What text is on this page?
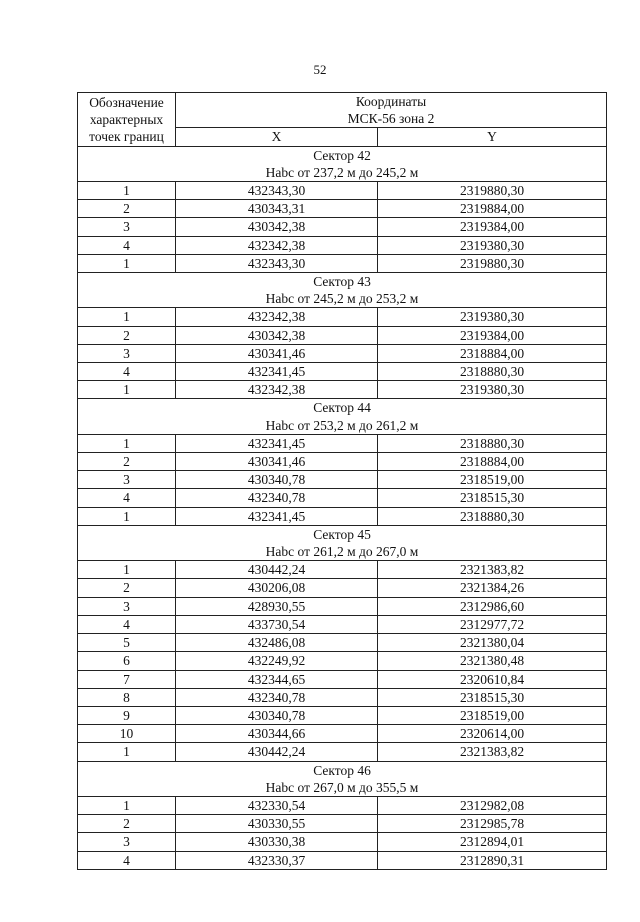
52
Обозначение
характерных
точек границ	Координаты
МСК-56 зона 2	

	X	Y

Сектор 42
Нabc от 237,2 м до 245,2 м		

1	432343,30	2319880,30
2	430343,31	2319884,00
3	430342,38	2319384,00
4	432342,38	2319380,30
1	432343,30	2319880,30

Сектор 43
Нabc от 245,2 м до 253,2 м		

1	432342,38	2319380,30
2	430342,38	2319384,00
3	430341,46	2318884,00
4	432341,45	2318880,30
1	432342,38	2319380,30

Сектор 44
Нabc от 253,2 м до 261,2 м		

1	432341,45	2318880,30
2	430341,46	2318884,00
3	430340,78	2318519,00
4	432340,78	2318515,30
1	432341,45	2318880,30

Сектор 45
Нabc от 261,2 м до 267,0 м		

1	430442,24	2321383,82
2	430206,08	2321384,26
3	428930,55	2312986,60
4	433730,54	2312977,72
5	432486,08	2321380,04
6	432249,92	2321380,48
7	432344,65	2320610,84
8	432340,78	2318515,30
9	430340,78	2318519,00
10	430344,66	2320614,00
1	430442,24	2321383,82

Сектор 46
Нabc от 267,0 м до 355,5 м		

1	432330,54	2312982,08
2	430330,55	2312985,78
3	430330,38	2312894,01
4	432330,37	2312890,31
